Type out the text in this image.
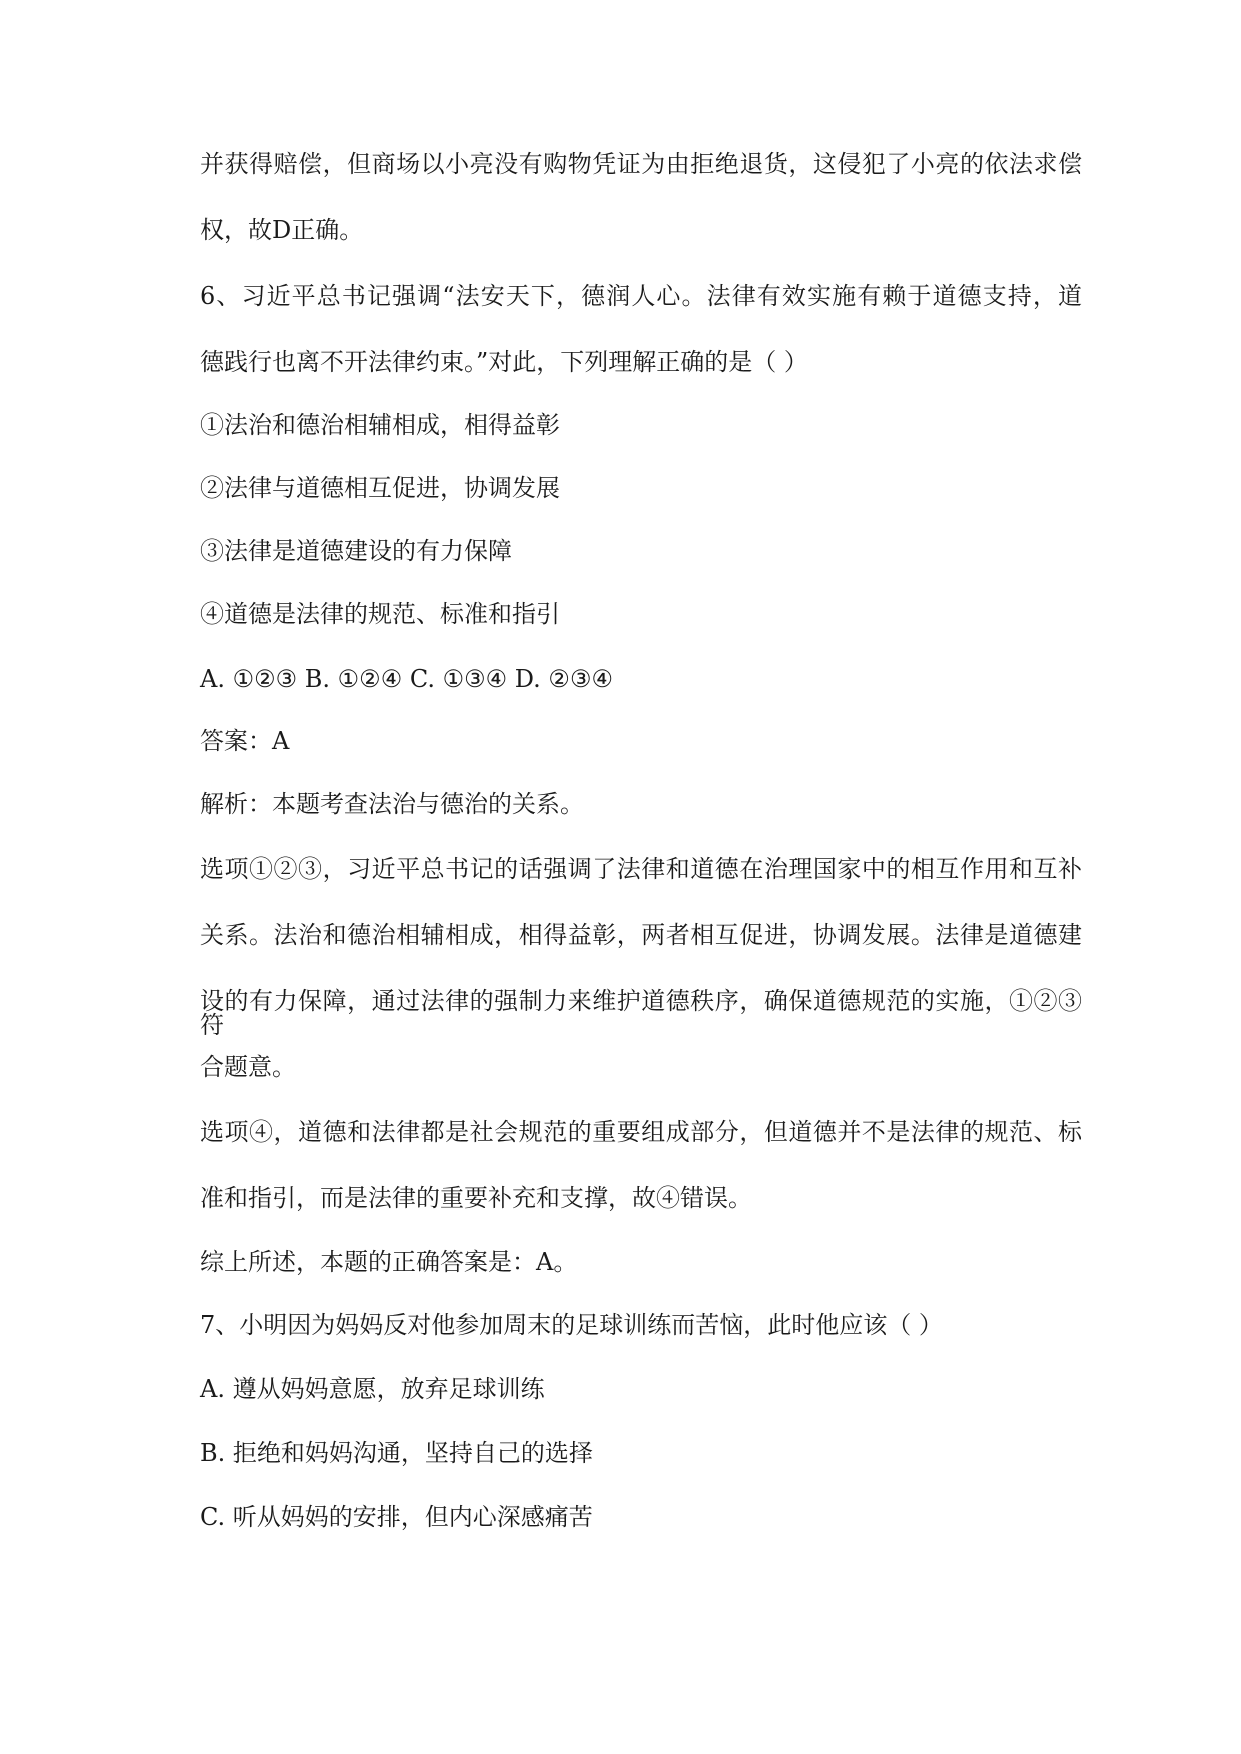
并获得赔偿，但商场以小亮没有购物凭证为由拒绝退货，这侵犯了小亮的依法求偿
权，故D正确。
6、习近平总书记强调“法安天下，德润人心。法律有效实施有赖于道德支持，道
德践行也离不开法律约束。”对此，下列理解正确的是（ ）
①法治和德治相辅相成，相得益彰
②法律与道德相互促进，协调发展
③法律是道德建设的有力保障
④道德是法律的规范、标准和指引
A. ①②③ B. ①②④ C. ①③④ D. ②③④
答案：A
解析：本题考查法治与德治的关系。
选项①②③，习近平总书记的话强调了法律和道德在治理国家中的相互作用和互补
关系。法治和德治相辅相成，相得益彰，两者相互促进，协调发展。法律是道德建
设的有力保障，通过法律的强制力来维护道德秩序，确保道德规范的实施，①②③符
合题意。
选项④，道德和法律都是社会规范的重要组成部分，但道德并不是法律的规范、标
准和指引，而是法律的重要补充和支撑，故④错误。
综上所述，本题的正确答案是：A。
7、小明因为妈妈反对他参加周末的足球训练而苦恼，此时他应该（ ）
A. 遵从妈妈意愿，放弃足球训练
B. 拒绝和妈妈沟通，坚持自己的选择
C. 听从妈妈的安排，但内心深感痛苦
